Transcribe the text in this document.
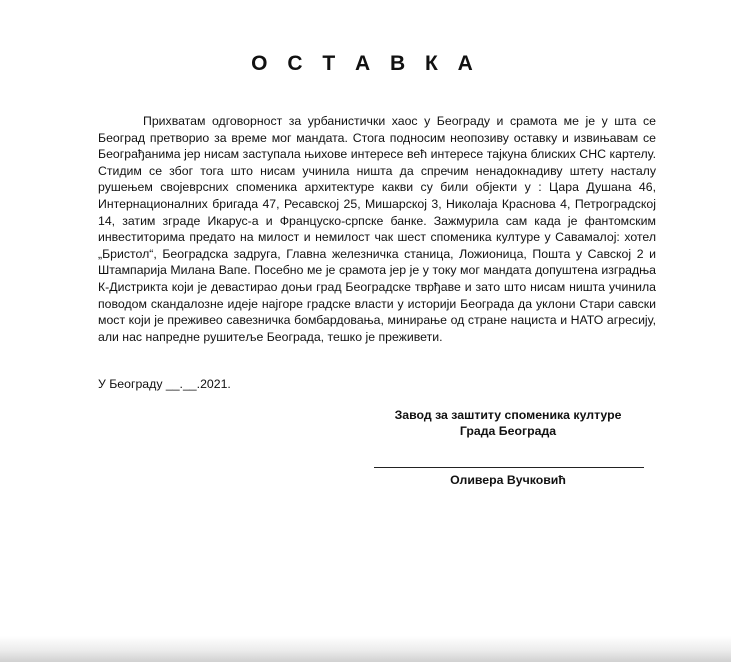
О С Т А В К А

Прихватам одговорност за урбанистички хаос у Београду и срамота ме је у шта се Београд претворио за време мог мандата. Стога подносим неопозиву оставку и извињавам се Београђанима јер нисам заступала њихове интересе већ интересе тајкуна блиских СНС картелу. Стидим се због тога што нисам учинила ништа да спречим ненадокнадиву штету насталу рушењем својеврсних споменика архитектуре какви су били објекти у : Цара Душана 46, Интернационалних бригада 47, Ресавској 25, Мишарској 3, Николаја Краснова 4, Петроградској 14, затим зграде Икарус-а и Француско-српске банке. Зажмурила сам када је фантомским инвеститорима предато на милост и немилост чак шест споменика културе у Савамалој: хотел „Бристол“, Београдска задруга, Главна железничка станица, Ложионица, Пошта у Савској 2 и Штампарија Милана Вапе. Посебно ме је срамота јер је у току мог мандата допуштена изградња К-Дистрикта који је девастирао доњи град Београдске тврђаве и зато што нисам ништа учинила поводом скандалозне идеје најгоре градске власти у историји Београда да уклони Стари савски мост који је преживео савезничка бомбардовања, минирање од стране нациста и НАТО агресију, али нас напредне рушитеље Београда, тешко је преживети.

У Београду __.__.2021.
Завод за заштиту споменика културе
Града Београда
Оливера Вучковић
